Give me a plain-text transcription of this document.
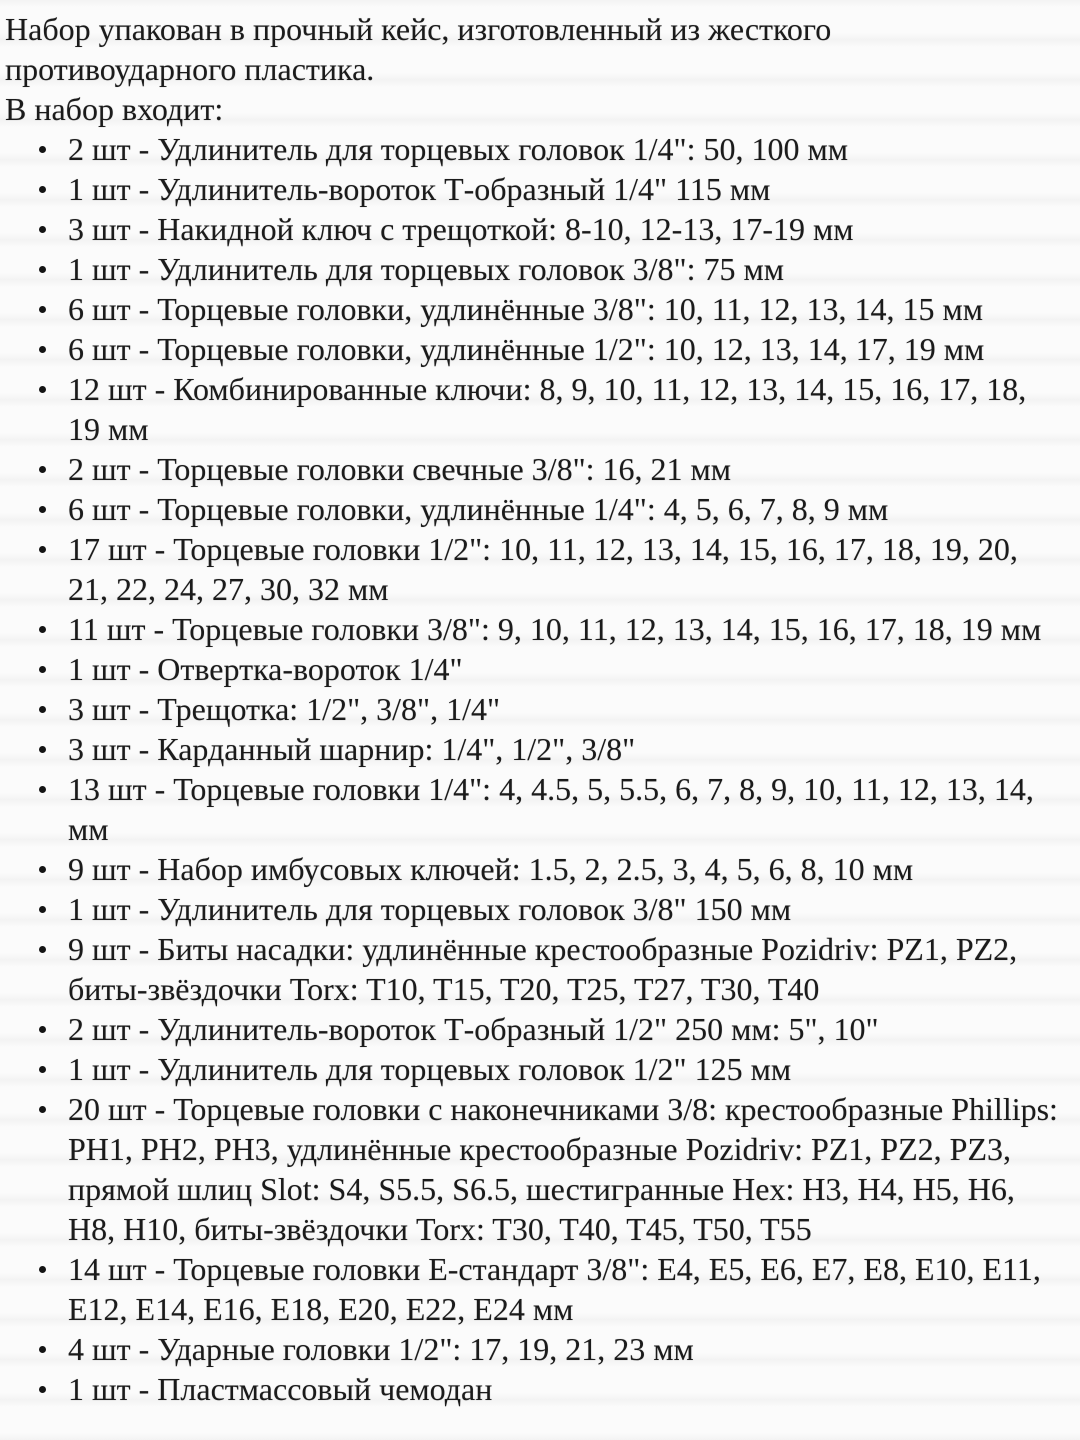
Набор упакован в прочный кейс, изготовленный из жесткого противоударного пластика.

В набор входит:

2 шт - Удлинитель для торцевых головок 1/4": 50, 100 мм
1 шт - Удлинитель-вороток Т-образный 1/4" 115 мм
3 шт - Накидной ключ с трещоткой: 8-10, 12-13, 17-19 мм
1 шт - Удлинитель для торцевых головок 3/8": 75 мм
6 шт - Торцевые головки, удлинённые 3/8": 10, 11, 12, 13, 14, 15 мм
6 шт - Торцевые головки, удлинённые 1/2": 10, 12, 13, 14, 17, 19 мм
12 шт - Комбинированные ключи: 8, 9, 10, 11, 12, 13, 14, 15, 16, 17, 18, 19 мм
2 шт - Торцевые головки свечные 3/8": 16, 21 мм
6 шт - Торцевые головки, удлинённые 1/4": 4, 5, 6, 7, 8, 9 мм
17 шт - Торцевые головки 1/2": 10, 11, 12, 13, 14, 15, 16, 17, 18, 19, 20, 21, 22, 24, 27, 30, 32 мм
11 шт - Торцевые головки 3/8": 9, 10, 11, 12, 13, 14, 15, 16, 17, 18, 19 мм
1 шт - Отвертка-вороток 1/4"
3 шт - Трещотка: 1/2", 3/8", 1/4"
3 шт - Карданный шарнир: 1/4", 1/2", 3/8"
13 шт - Торцевые головки 1/4": 4, 4.5, 5, 5.5, 6, 7, 8, 9, 10, 11, 12, 13, 14, мм
9 шт - Набор имбусовых ключей: 1.5, 2, 2.5, 3, 4, 5, 6, 8, 10 мм
1 шт - Удлинитель для торцевых головок 3/8" 150 мм
9 шт - Биты насадки: удлинённые крестообразные Pozidriv: PZ1, PZ2, биты-звёздочки Torx: T10, T15, T20, T25, T27, T30, T40
2 шт - Удлинитель-вороток Т-образный 1/2" 250 мм: 5", 10"
1 шт - Удлинитель для торцевых головок 1/2" 125 мм
20 шт - Торцевые головки с наконечниками 3/8: крестообразные Phillips: PH1, PH2, PH3, удлинённые крестообразные Pozidriv: PZ1, PZ2, PZ3, прямой шлиц Slot: S4, S5.5, S6.5, шестигранные Hex: H3, H4, H5, H6, H8, H10, биты-звёздочки Torx: T30, T40, T45, T50, T55
14 шт - Торцевые головки Е-стандарт 3/8": Е4, Е5, Е6, Е7, Е8, Е10, Е11, Е12, Е14, Е16, Е18, Е20, Е22, Е24 мм
4 шт - Ударные головки 1/2": 17, 19, 21, 23 мм
1 шт - Пластмассовый чемодан
